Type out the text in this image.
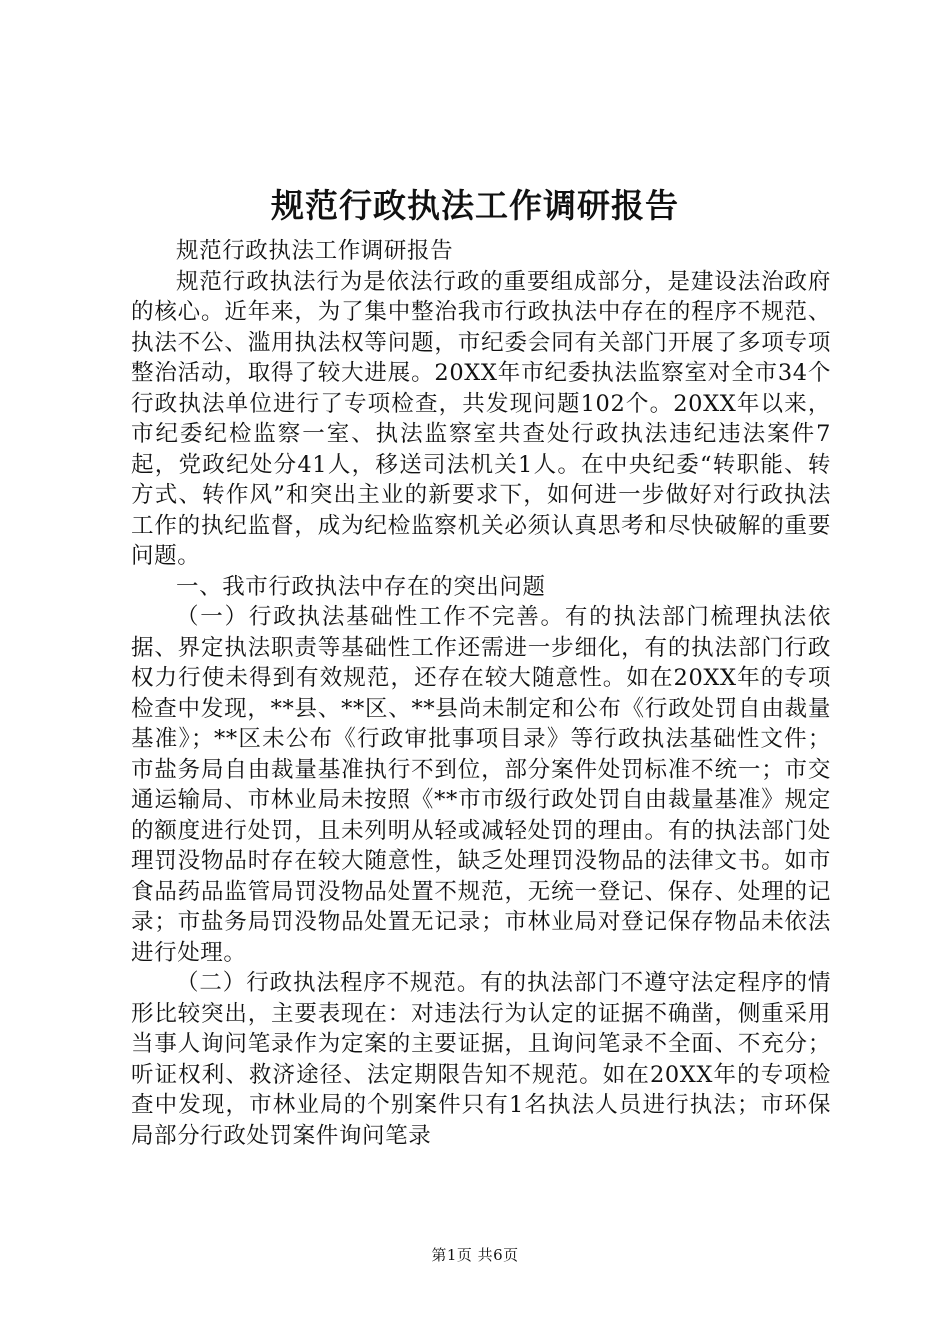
规范行政执法工作调研报告

规范行政执法工作调研报告

规范行政执法行为是依法行政的重要组成部分，是建设法治政府的核心。近年来，为了集中整治我市行政执法中存在的程序不规范、执法不公、滥用执法权等问题，市纪委会同有关部门开展了多项专项整治活动，取得了较大进展。20XX年市纪委执法监察室对全市34个行政执法单位进行了专项检查，共发现问题102个。20XX年以来，市纪委纪检监察一室、执法监察室共查处行政执法违纪违法案件7起，党政纪处分41人，移送司法机关1人。在中央纪委“转职能、转方式、转作风”和突出主业的新要求下，如何进一步做好对行政执法工作的执纪监督，成为纪检监察机关必须认真思考和尽快破解的重要问题。

一、我市行政执法中存在的突出问题

（一）行政执法基础性工作不完善。有的执法部门梳理执法依据、界定执法职责等基础性工作还需进一步细化，有的执法部门行政权力行使未得到有效规范，还存在较大随意性。如在20XX年的专项检查中发现，**县、**区、**县尚未制定和公布《行政处罚自由裁量基准》；**区未公布《行政审批事项目录》等行政执法基础性文件；市盐务局自由裁量基准执行不到位，部分案件处罚标准不统一；市交通运输局、市林业局未按照《**市市级行政处罚自由裁量基准》规定的额度进行处罚，且未列明从轻或减轻处罚的理由。有的执法部门处理罚没物品时存在较大随意性，缺乏处理罚没物品的法律文书。如市食品药品监管局罚没物品处置不规范，无统一登记、保存、处理的记录；市盐务局罚没物品处置无记录；市林业局对登记保存物品未依法进行处理。

（二）行政执法程序不规范。有的执法部门不遵守法定程序的情形比较突出，主要表现在：对违法行为认定的证据不确凿，侧重采用当事人询问笔录作为定案的主要证据，且询问笔录不全面、不充分；听证权利、救济途径、法定期限告知不规范。如在20XX年的专项检查中发现，市林业局的个别案件只有1名执法人员进行执法；市环保局部分行政处罚案件询问笔录

第1页 共6页
